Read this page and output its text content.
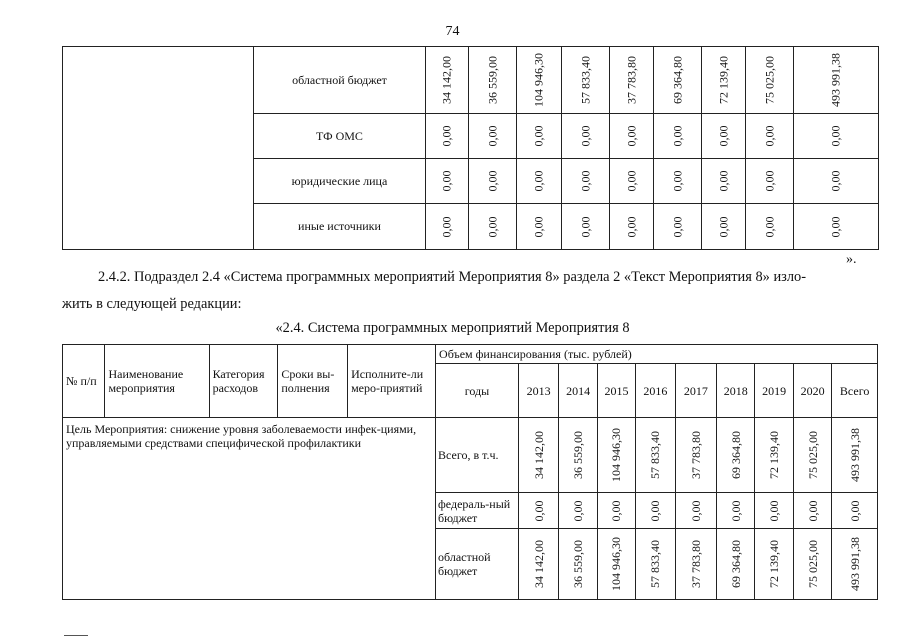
74
	областной бюджет	34 142,00	36 559,00	104 946,30	57 833,40	37 783,80	69 364,80	72 139,40	75 025,00	493 991,38

	ТФ ОМС	0,00	0,00	0,00	0,00	0,00	0,00	0,00	0,00	0,00

	юридические лица	0,00	0,00	0,00	0,00	0,00	0,00	0,00	0,00	0,00

	иные источники	0,00	0,00	0,00	0,00	0,00	0,00	0,00	0,00	0,00
».
2.4.2. Подраздел 2.4 «Система программных мероприятий Мероприятия 8» раздела 2 «Текст Мероприятия 8» изло-
жить в следующей редакции:
«2.4. Система программных мероприятий Мероприятия 8
№ п/п	Наименование мероприятия	Категория расходов	Сроки вы-полнения	Исполните-ли меро-приятий	Объем финансирования (тыс. рублей)									
					годы	2013	2014	2015	2016	2017	2018	2019	2020	Всего
Цель Мероприятия: снижение уровня заболеваемости инфек-циями, управляемыми средствами специфической профилактики					Всего, в т.ч.	34 142,00	36 559,00	104 946,30	57 833,40	37 783,80	69 364,80	72 139,40	75 025,00	493 991,38

					федераль-ный бюджет	0,00	0,00	0,00	0,00	0,00	0,00	0,00	0,00	0,00

					областной бюджет	34 142,00	36 559,00	104 946,30	57 833,40	37 783,80	69 364,80	72 139,40	75 025,00	493 991,38
